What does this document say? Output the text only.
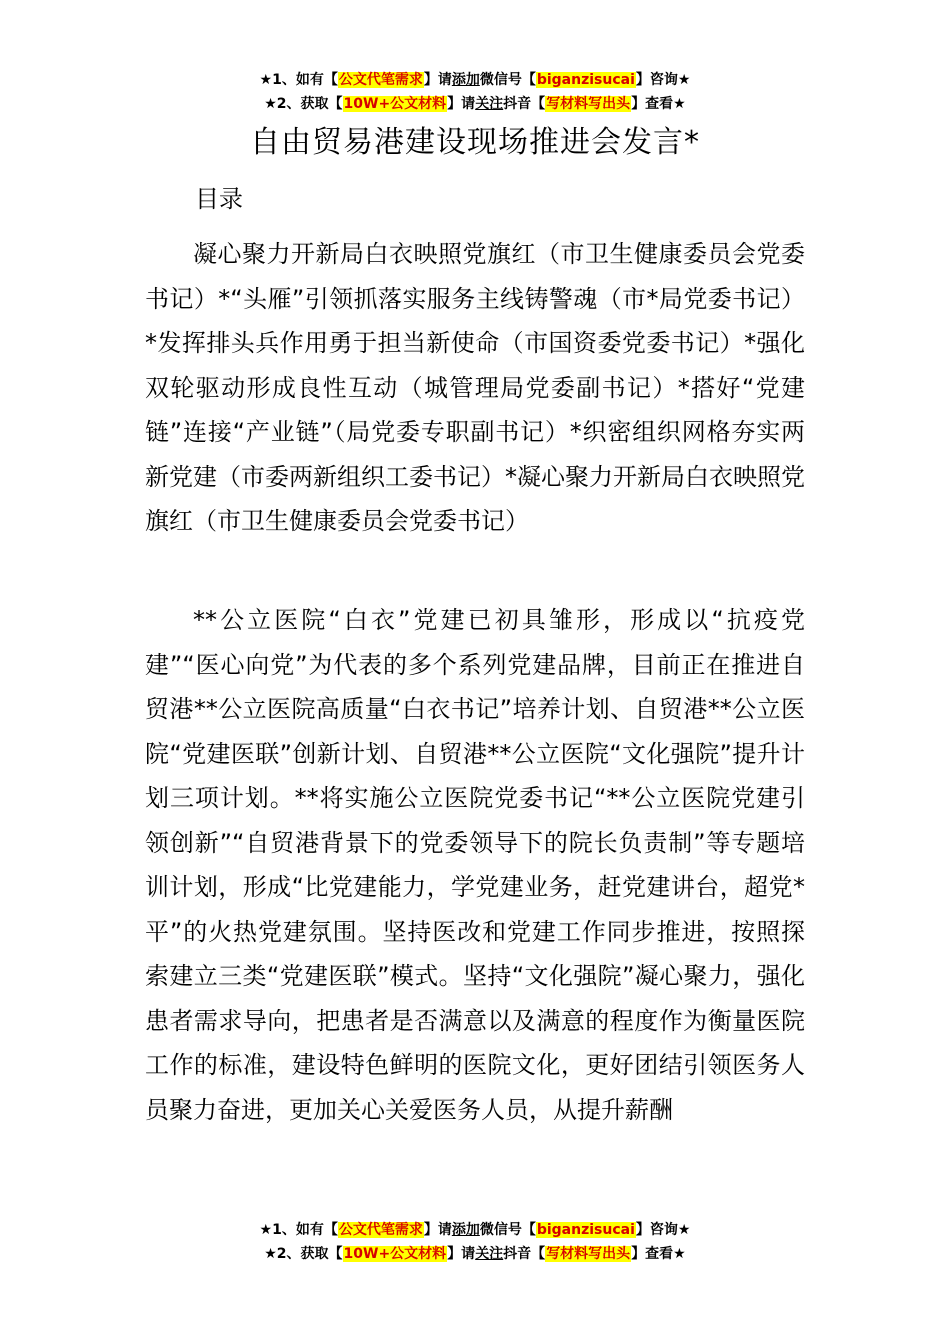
★1、如有【公文代笔需求】请添加微信号【biganzisucai】咨询★
★2、获取【10W+公文材料】请关注抖音【写材料写出头】查看★
自由贸易港建设现场推进会发言*
目录

凝心聚力开新局白衣映照党旗红（市卫生健康委员会党委书记）*“头雁”引领抓落实服务主线铸警魂（市*局党委书记）*发挥排头兵作用勇于担当新使命（市国资委党委书记）*强化双轮驱动形成良性互动（城管理局党委副书记）*搭好“党建链”连接“产业链”（局党委专职副书记）*织密组织网格夯实两新党建（市委两新组织工委书记）*凝心聚力开新局白衣映照党旗红（市卫生健康委员会党委书记）

**公立医院“白衣”党建已初具雏形，形成以“抗疫党建”“医心向党”为代表的多个系列党建品牌，目前正在推进自贸港**公立医院高质量“白衣书记”培养计划、自贸港**公立医院“党建医联”创新计划、自贸港**公立医院“文化强院”提升计划三项计划。**将实施公立医院党委书记“**公立医院党建引领创新”“自贸港背景下的党委领导下的院长负责制”等专题培训计划，形成“比党建能力，学党建业务，赶党建讲台，超党*平”的火热党建氛围。坚持医改和党建工作同步推进，按照探索建立三类“党建医联”模式。坚持“文化强院”凝心聚力，强化患者需求导向，把患者是否满意以及满意的程度作为衡量医院工作的标准，建设特色鲜明的医院文化，更好团结引领医务人员聚力奋进，更加关心关爱医务人员，从提升薪酬

★1、如有【公文代笔需求】请添加微信号【biganzisucai】咨询★
★2、获取【10W+公文材料】请关注抖音【写材料写出头】查看★
